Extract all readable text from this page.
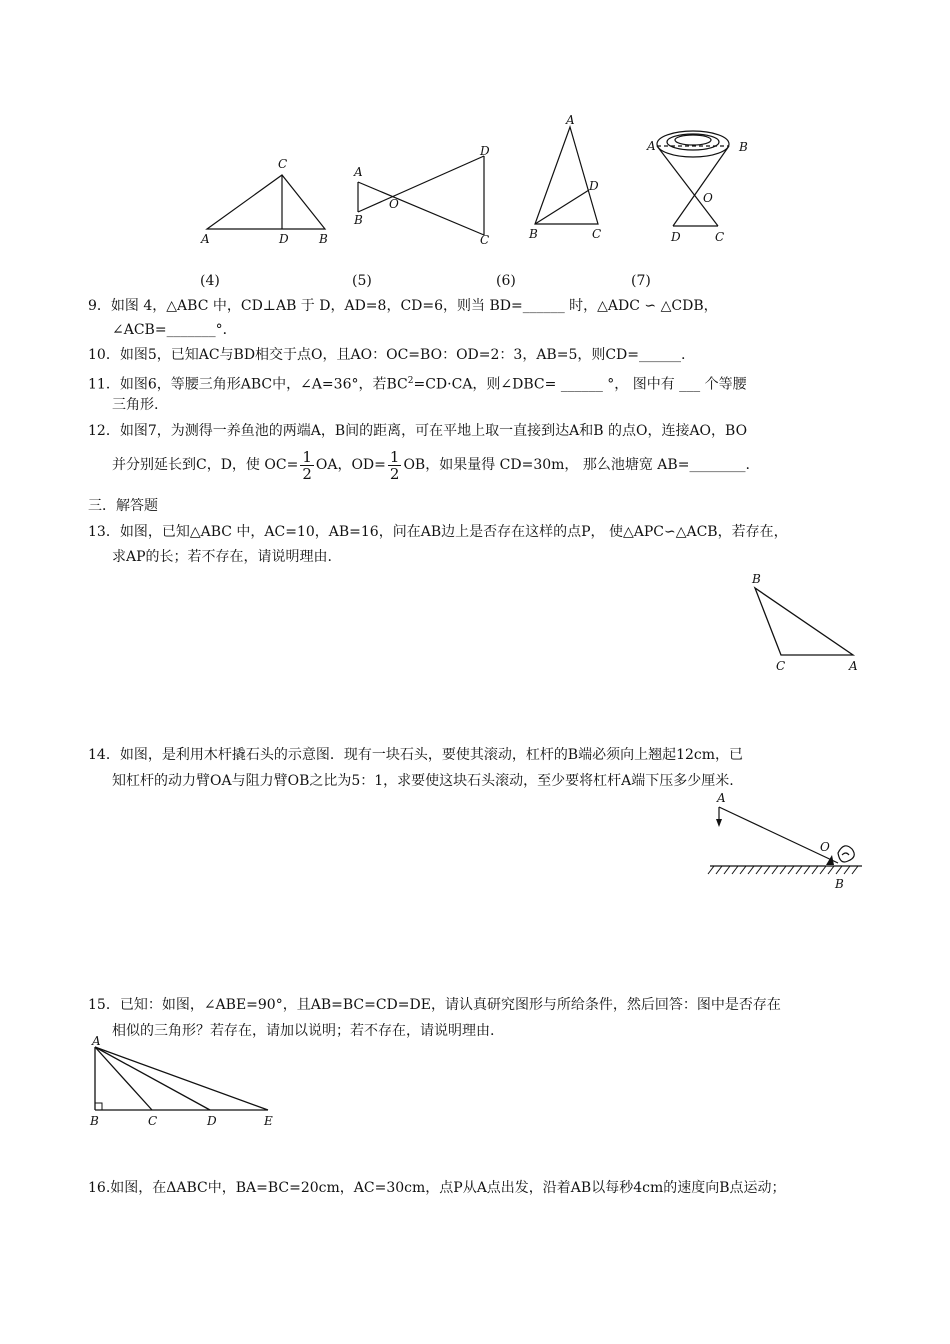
A
C
D	B
A
B
O
D
C
A
D
B	C
A	B
O
D	C
(4)	(5)	(6)	(7)
9．如图 4，△ABC 中，CD⊥AB 于 D，AD=8，CD=6，则当 BD=______ 时，△ADC ∽ △CDB，
∠ACB=_______°．
10．如图5，已知AC与BD相交于点O，且AO：OC=BO：OD=2：3，AB=5，则CD=______.
11．如图6，等腰三角形ABC中，∠A=36°，若$BC^2=CD\cdot CA$，则∠DBC= ______ °， 图中有 ___ 个等腰
三角形.
12．如图7，为测得一养鱼池的两端A，B间的距离，可在平地上取一直接到达A和B 的点O，连接AO，BO
并分别延长到C，D，使 $OC= \frac{1}{2}$ OA，$OD= \frac{1}{2}$ OB，如果量得 CD=30m， 那么池塘宽 AB=________.
三．解答题
13．如图，已知△ABC 中，AC=10，AB=16，问在AB边上是否存在这样的点P， 使△APC∽△ACB，若存在，
求AP的长；若不存在，请说明理由.
B
C	A
14．如图，是利用木杆撬石头的示意图．现有一块石头，要使其滚动，杠杆的B端必须向上翘起12cm，已
知杠杆的动力臂OA与阻力臂OB之比为5：1，求要使这块石头滚动，至少要将杠杆A端下压多少厘米.
A
O
B
15．已知：如图，∠ABE=90°，且AB=BC=CD=DE，请认真研究图形与所给条件，然后回答：图中是否存在
相似的三角形？若存在，请加以说明；若不存在，请说明理由.
A
B	C	D	E
16.如图，在ΔABC中，BA=BC=20cm，AC=30cm，点P从A点出发，沿着AB以每秒4cm的速度向B点运动；
